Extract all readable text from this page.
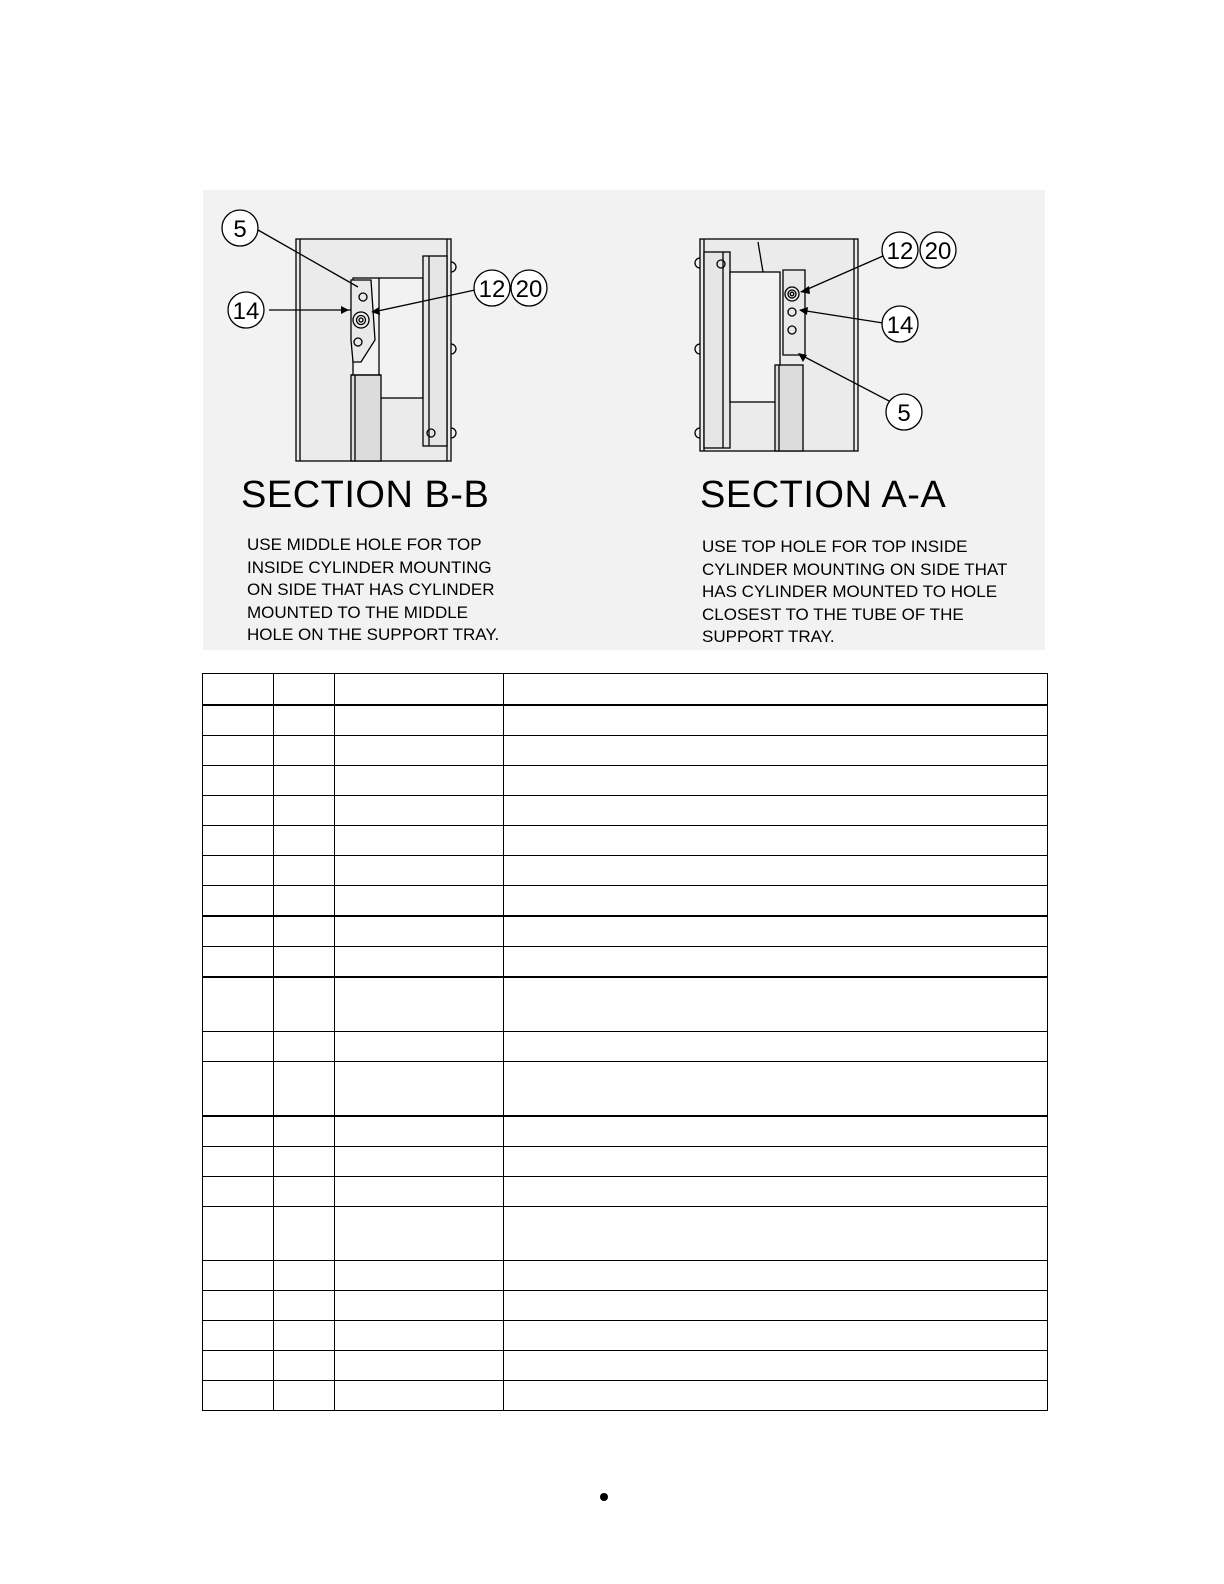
5
14
12 20
12 20
14
5
SECTION B-B
USE MIDDLE HOLE FOR TOP
INSIDE CYLINDER MOUNTING
ON SIDE THAT HAS CYLINDER
MOUNTED TO THE MIDDLE
HOLE ON THE SUPPORT TRAY.
SECTION A-A
USE TOP HOLE FOR TOP INSIDE
CYLINDER MOUNTING ON SIDE THAT
HAS CYLINDER MOUNTED TO HOLE
CLOSEST TO THE TUBE OF THE
SUPPORT TRAY.
